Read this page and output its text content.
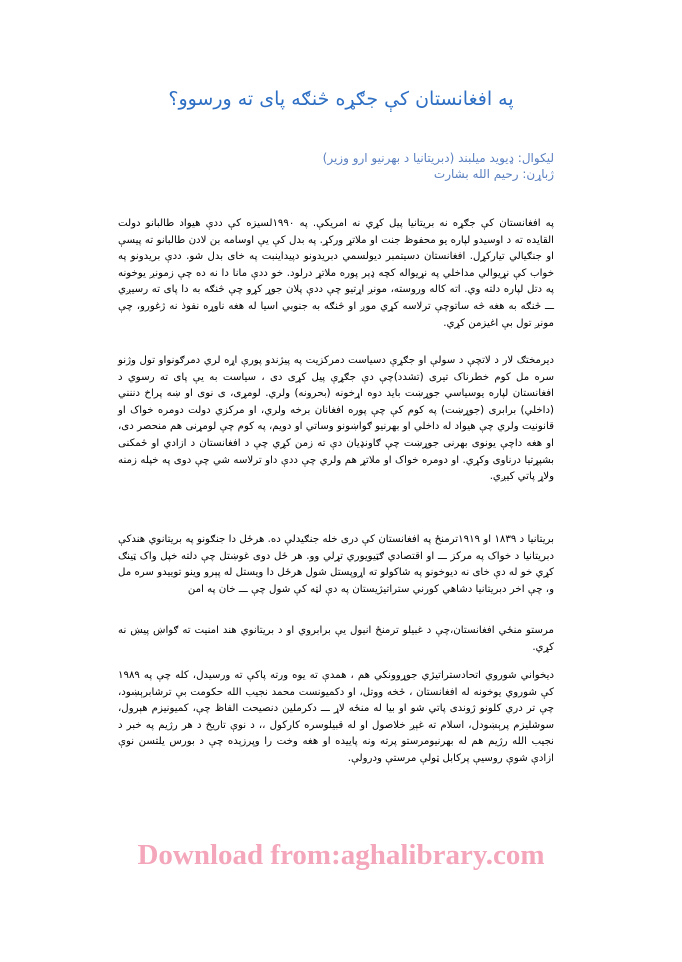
په افغانستان کې جګړه څنګه پای ته ورسوو؟
لیکوال: ډیوید میلبند (دبریتانیا د بهرنیو ارو وزیر)
ژباړن: رحیم الله بشارت

په افغانستان کې جګړه نه بریتانیا پیل کړي نه امریکې. په ۱۹۹۰لسیزه کې ددې هیواد طالبانو دولت القایده ته د اوسیدو لپاره یو محفوظ جنت او ملاتړ ورکړ. په بدل کې یې اوسامه بن لادن طالبانو ته پیسې او جنګیالي تیارکړل. افغانستان دسیتمبر دیولسمي دبریدونو دپیداینبت په خای بدل شو. ددې بریدونو په خواب کې نړیوالي مداخلي په نړیواله کچه ډېر پوره ملاتړ درلود. خو ددې مانا دا نه ده چې زمونږ یوخونه په دتل لپاره دلته وي. اته کاله وروسته، مونږ اړتیو چې ددې پلان جوړ کړو چې څنګه به دا پای ته رسیږي ـــ څنګه به هغه څه ساتوچې ترلاسه کړي موږ او څنګه به جنوبي اسیا له هغه ناوړه نفوذ نه ژغورو، چې مونږ تول بې اغیزمن کړي.

دیرمختګ لار د لاتچې د سولې او جګړې دسیاست دمرکزیت په پیژندو پورې اړه لري دمرګونواو تول وژنو سره مل کوم خطرناک تیری (تشدد)چې دې جګړې پیل کړی دی ، سیاست به یې پای ته رسوي د افغانستان لپاره یوسیاسي جوړښت باید دوه اړخونه (بحرونه) ولري. لومړی، ی نوی او ښه پراخ دننني (داخلي) برابری (جوړښت) په کوم کې چې پوره افغانان برخه ولري، او مرکزي دولت دومره خواک او قانونیت ولري چې هیواد له داخلي او بهرنیو ګواښونو وساتي او دویم، په کوم چې لومړنی هم منحصر دی، او هغه داچې یونوی بهرنی جوړښت چې ګاونډیان دې ته زمن کړي چې د افغانستان د ازادي او څمکنی بشپړتیا درناوی وکړي. او دومره خواک او ملاتړ هم ولري چې ددې داو ترلاسه شي چې دوی په خپله زمنه ولاړ پاتي کیږي.

بریتانیا د ۱۸۳۹ او ۱۹۱۹ترمنځ په افغانستان کې دری خله جنګیدلې ده. هرځل دا جنګونو په بریتانوي هندکې دبریتانیا د خواک په مرکز ـــ او اقتصادي ګټیویوري تړلي وو. هر ځل دوی غوښتل چې دلته خپل واک ټینګ کړي خو له دې خای نه دیوخونو په شاکولو ته اړوپستل شول هرځل دا ویستل له پېرو وینو توییدو سره مل و، چې اخر دبریتانیا دشاهي کورني ستراتیژیستان په دې لټه کې شول چې ـــ خان په امن

مرستو منځي افغانستان،چې د غبیلو ترمنځ انیول یې برابروي او د بریتانوي هند امنیت ته ګواښ پیښ نه کړي.

دیخواني شوروي اتحادستراتیژي جوړوونکي هم ، همدې ته یوه ورته پاکې ته ورسیدل، کله چې په ۱۹۸۹ کې شوروي یوخونه له افغانستان ، څخه ووتل، او دکمیونست محمد نجیب الله حکومت بې ترشابرېښود، چې تر دري کلونو ژوندی پاتي شو او بیا له منځه لاړ ـــ دکرملین دنصیحت الفاظ چې، کمیونیزم هېرول، سوشلیزم پرېښودل، اسلام ته غېږ خلاصول او له قبیلوسره کارکول ،، د نوې تاریخ د هر رژیم په خبر د نجیب الله رژیم هم له بهرنیومرستو پرته ونه پاییده او هغه وخت را وپرزېده چې د بورس یلتسن نوې ازادې شوې روسیې پرکابل ټولې مرستې ودرولې.

Download from:aghalibrary.com
